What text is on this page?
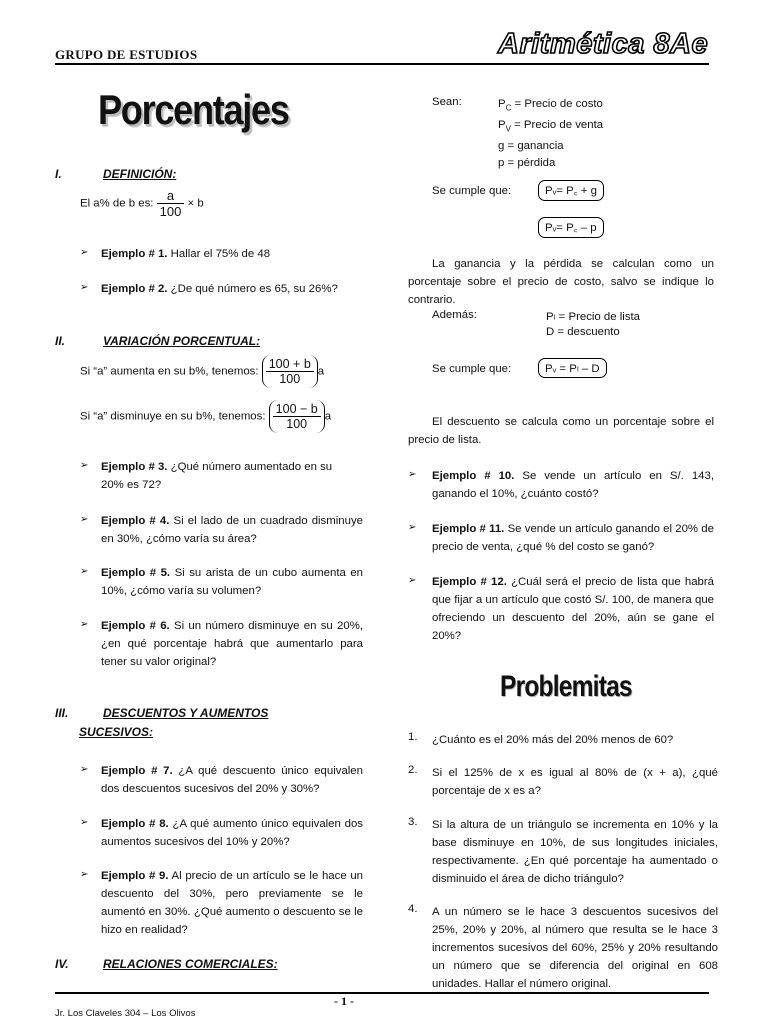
GRUPO DE ESTUDIOS	Aritmética 8Ae
Porcentajes
I.	DEFINICIÓN:
El a% de b es: $\frac{a}{100} \times b$
➢ Ejemplo # 1. Hallar el 75% de 48
➢ Ejemplo # 2. ¿De qué número es 65, su 26%?
II.	VARIACIÓN PORCENTUAL:
Si “a” aumenta en su b%, tenemos: $\frac{100 + b}{100}$ a
Si “a” disminuye en su b%, tenemos: $\frac{100 - b}{100}$ a
➢ Ejemplo # 3. ¿Qué número aumentado en su 20% es 72?
➢ Ejemplo # 4. Si el lado de un cuadrado disminuye en 30%, ¿cómo varía su área?
➢ Ejemplo # 5. Si su arista de un cubo aumenta en 10%, ¿cómo varía su volumen?
➢ Ejemplo # 6. Si un número disminuye en su 20%, ¿en qué porcentaje habrá que aumentarlo para tener su valor original?
III.	DESCUENTOS Y AUMENTOS
SUCESIVOS:
➢ Ejemplo # 7. ¿A qué descuento único equivalen dos descuentos sucesivos del 20% y 30%?
➢ Ejemplo # 8. ¿A qué aumento único equivalen dos aumentos sucesivos del 10% y 20%?
➢ Ejemplo # 9. Al precio de un artículo se le hace un descuento del 30%, pero previamente se le aumentó en 30%. ¿Qué aumento o descuento se le hizo en realidad?
IV.	RELACIONES COMERCIALES:
Sean:	$P_C$ = Precio de costo
$P_V$ = Precio de venta
g = ganancia
p = pérdida
Se cumple que:	Pᵥ= P꜀ + g
Pᵥ= P꜀ – p
La ganancia y la pérdida se calculan como un porcentaje sobre el precio de costo, salvo se indique lo contrario.
Además:	Pₗ = Precio de lista
D = descuento
Se cumple que:	Pᵥ = Pₗ – D
El descuento se calcula como un porcentaje sobre el precio de lista.
➢ Ejemplo # 10. Se vende un artículo en S/. 143, ganando el 10%, ¿cuánto costó?
➢ Ejemplo # 11. Se vende un artículo ganando el 20% de precio de venta, ¿qué % del costo se ganó?
➢ Ejemplo # 12. ¿Cuál será el precio de lista que habrá que fijar a un artículo que costó S/. 100, de manera que ofreciendo un descuento del 20%, aún se gane el 20%?
Problemitas
1. ¿Cuánto es el 20% más del 20% menos de 60?
2. Si el 125% de x es igual al 80% de (x + a), ¿qué porcentaje de x es a?
3. Si la altura de un triángulo se incrementa en 10% y la base disminuye en 10%, de sus longitudes iniciales, respectivamente. ¿En qué porcentaje ha aumentado o disminuido el área de dicho triángulo?
4. A un número se le hace 3 descuentos sucesivos del 25%, 20% y 20%, al número que resulta se le hace 3 incrementos sucesivos del 60%, 25% y 20% resultando un número que se diferencia del original en 608 unidades. Hallar el número original.
- 1 -
Jr. Los Claveles 304 – Los Olivos
